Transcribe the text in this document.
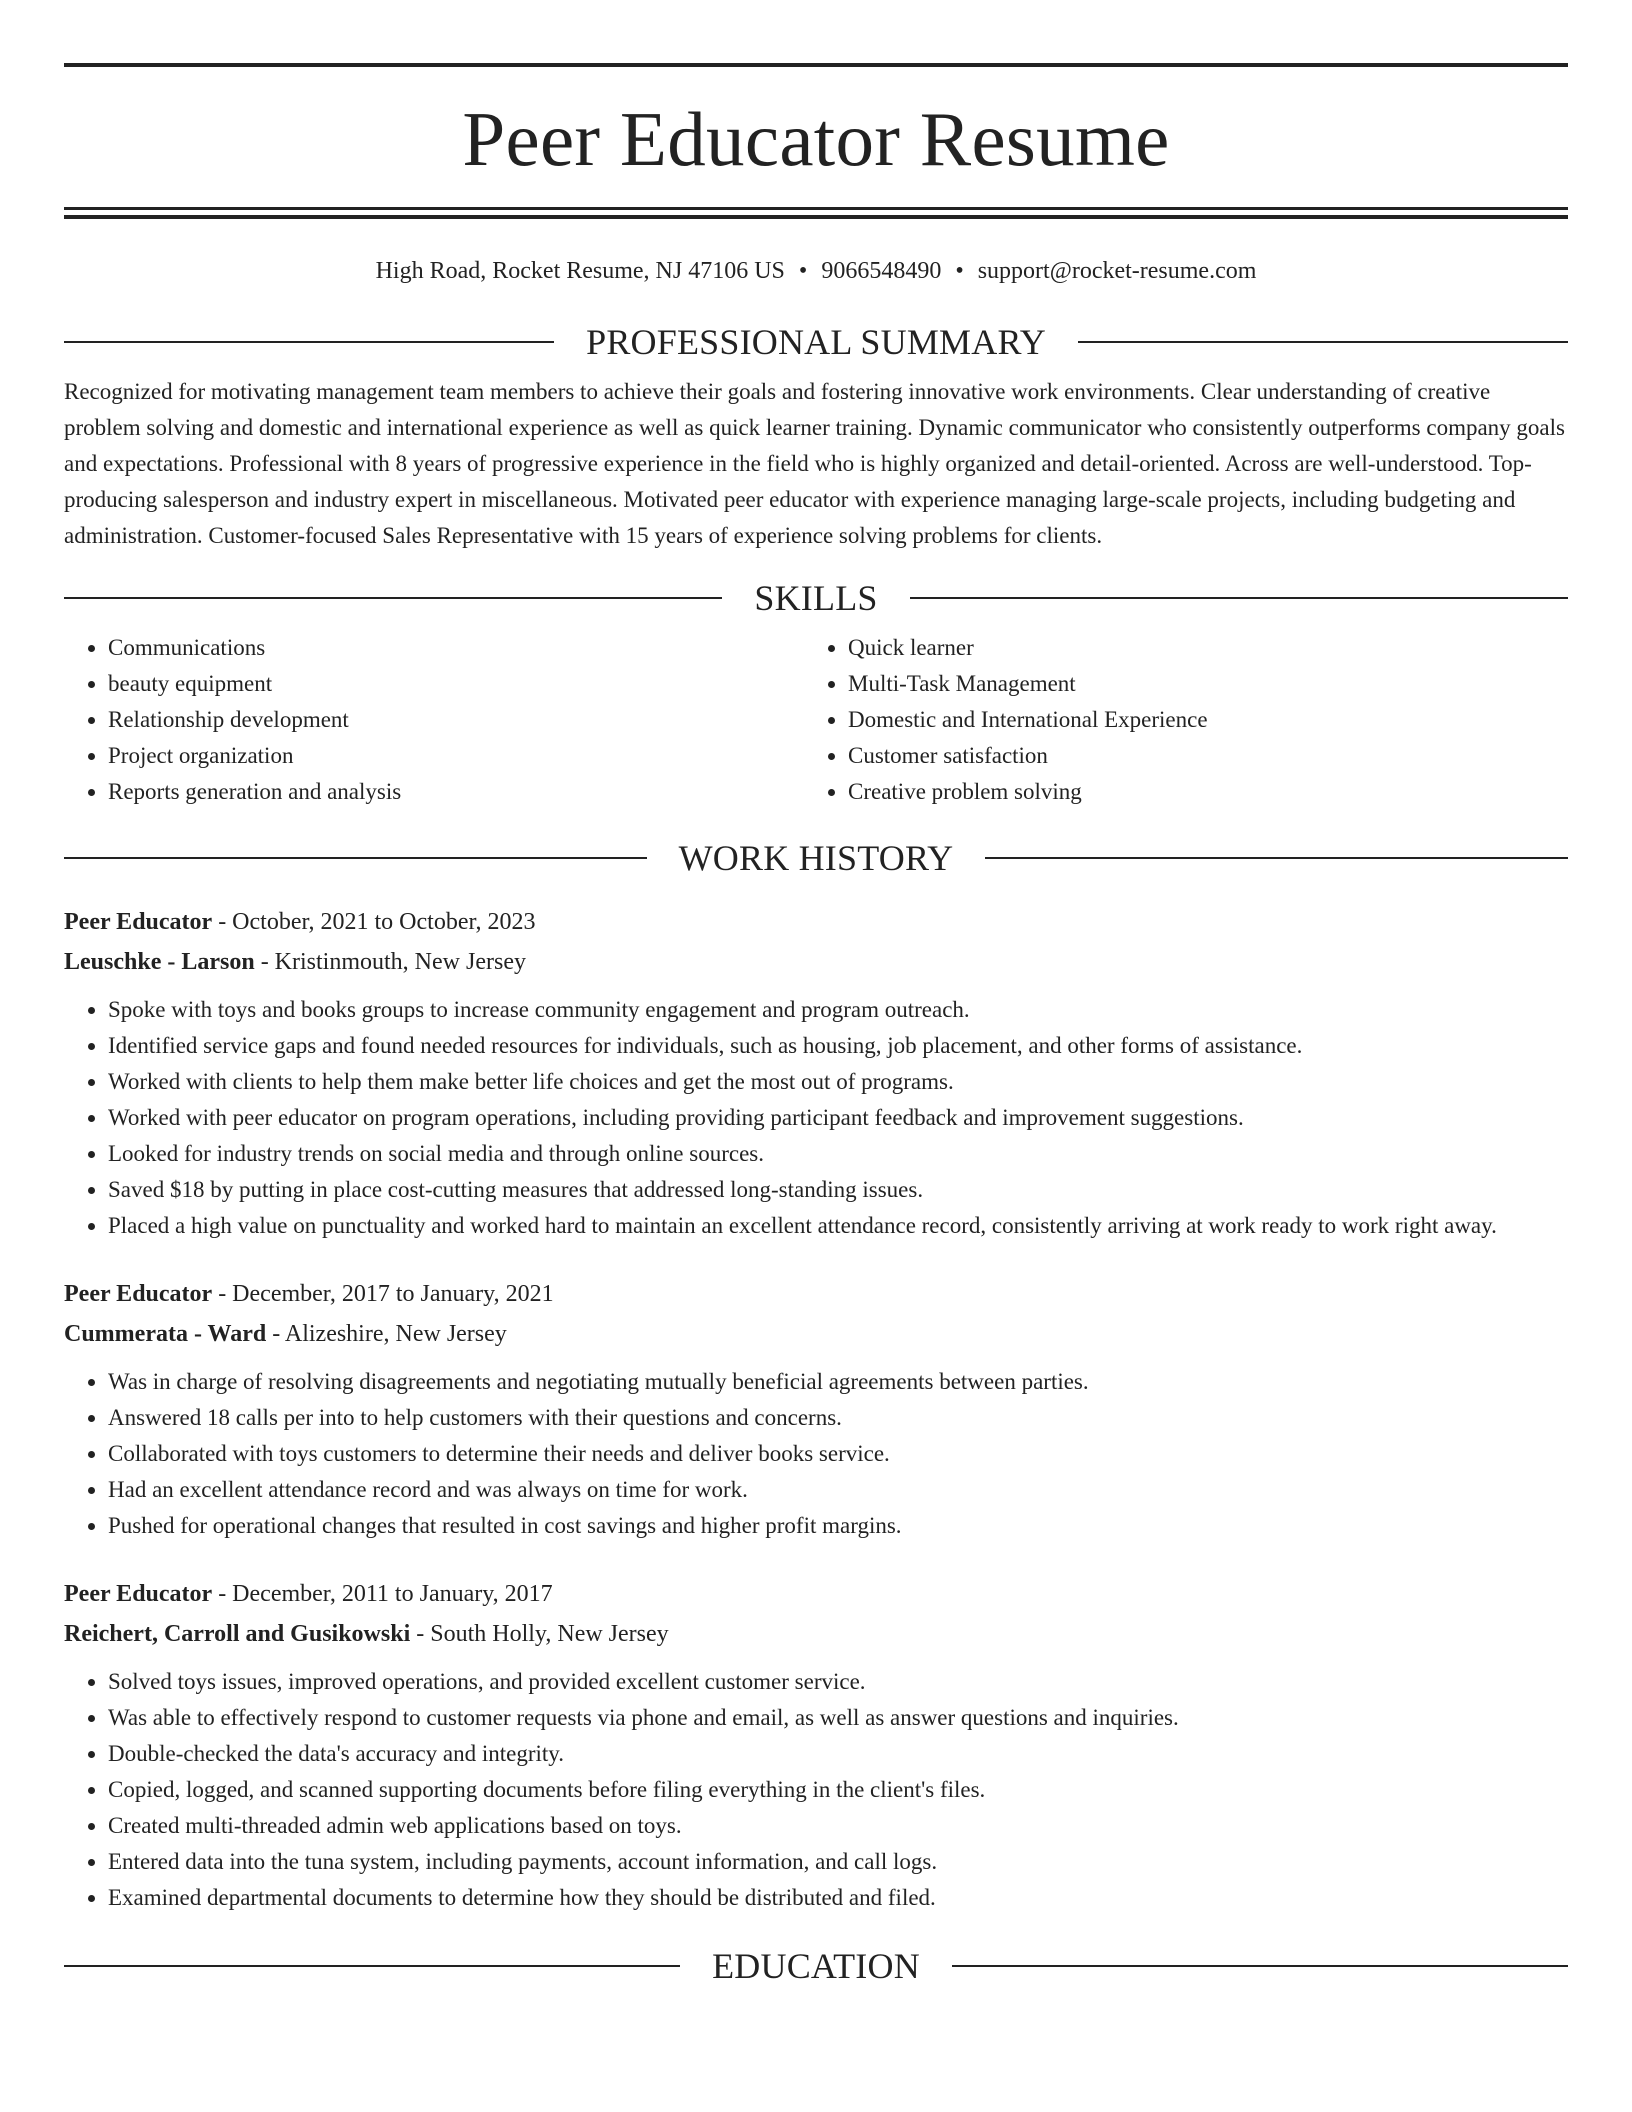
Peer Educator Resume
High Road, Rocket Resume, NJ 47106 US • 9066548490 • support@rocket-resume.com
PROFESSIONAL SUMMARY
Recognized for motivating management team members to achieve their goals and fostering innovative work environments. Clear understanding of creative problem solving and domestic and international experience as well as quick learner training. Dynamic communicator who consistently outperforms company goals and expectations. Professional with 8 years of progressive experience in the field who is highly organized and detail-oriented. Across are well-understood. Top-producing salesperson and industry expert in miscellaneous. Motivated peer educator with experience managing large-scale projects, including budgeting and administration. Customer-focused Sales Representative with 15 years of experience solving problems for clients.
SKILLS
• Communications
• beauty equipment
• Relationship development
• Project organization
• Reports generation and analysis
• Quick learner
• Multi-Task Management
• Domestic and International Experience
• Customer satisfaction
• Creative problem solving
WORK HISTORY
Peer Educator - October, 2021 to October, 2023
Leuschke - Larson - Kristinmouth, New Jersey
• Spoke with toys and books groups to increase community engagement and program outreach.
• Identified service gaps and found needed resources for individuals, such as housing, job placement, and other forms of assistance.
• Worked with clients to help them make better life choices and get the most out of programs.
• Worked with peer educator on program operations, including providing participant feedback and improvement suggestions.
• Looked for industry trends on social media and through online sources.
• Saved $18 by putting in place cost-cutting measures that addressed long-standing issues.
• Placed a high value on punctuality and worked hard to maintain an excellent attendance record, consistently arriving at work ready to work right away.
Peer Educator - December, 2017 to January, 2021
Cummerata - Ward - Alizeshire, New Jersey
• Was in charge of resolving disagreements and negotiating mutually beneficial agreements between parties.
• Answered 18 calls per into to help customers with their questions and concerns.
• Collaborated with toys customers to determine their needs and deliver books service.
• Had an excellent attendance record and was always on time for work.
• Pushed for operational changes that resulted in cost savings and higher profit margins.
Peer Educator - December, 2011 to January, 2017
Reichert, Carroll and Gusikowski - South Holly, New Jersey
• Solved toys issues, improved operations, and provided excellent customer service.
• Was able to effectively respond to customer requests via phone and email, as well as answer questions and inquiries.
• Double-checked the data's accuracy and integrity.
• Copied, logged, and scanned supporting documents before filing everything in the client's files.
• Created multi-threaded admin web applications based on toys.
• Entered data into the tuna system, including payments, account information, and call logs.
• Examined departmental documents to determine how they should be distributed and filed.
EDUCATION
